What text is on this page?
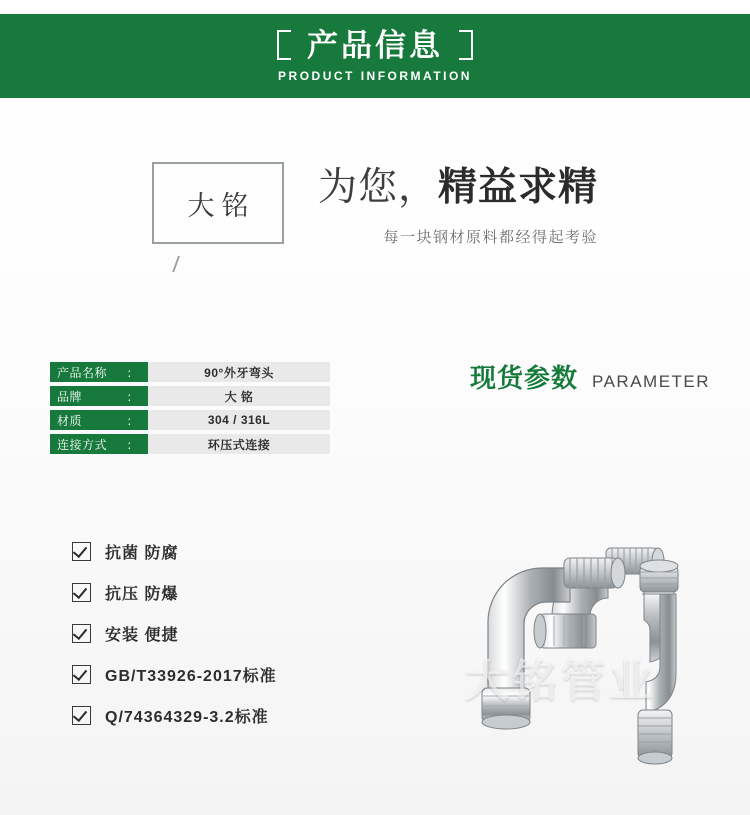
产品信息
PRODUCT INFORMATION
大铭 为您，精益求精
每一块钢材原料都经得起考验
产品名称 ：	90°外牙弯头
品牌	：	大 铭
材质	：	304 / 316L
连接方式 ：	环压式连接
现货参数 PARAMETER
抗菌 防腐
抗压 防爆
安装 便捷
GB/T33926-2017标准
Q/74364329-3.2标准
大铭管业
